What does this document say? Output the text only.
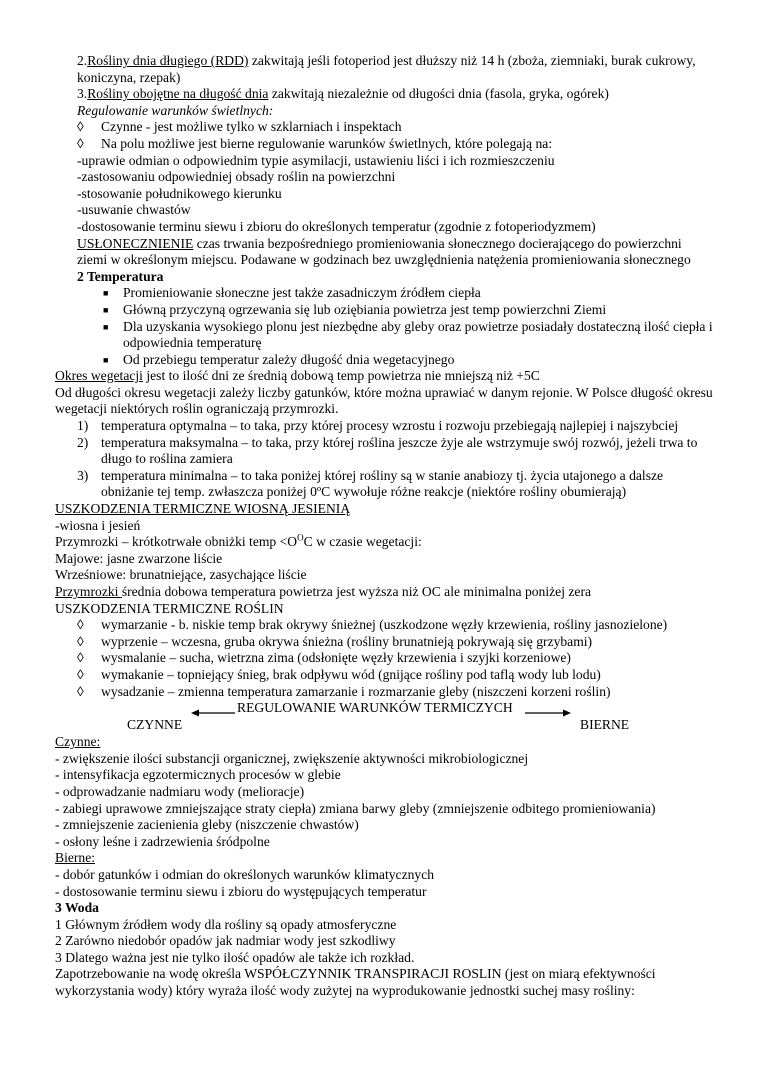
2.Rośliny dnia długiego (RDD) zakwitają jeśli fotoperiod jest dłuższy niż 14 h (zboża, ziemniaki, burak cukrowy, koniczyna, rzepak)

3.Rośliny obojętne na długość dnia zakwitają niezależnie od długości dnia (fasola, gryka, ogórek)

Regulowanie warunków świetlnych:

◊	Czynne - jest możliwe tylko w szklarniach i inspektach
◊	Na polu możliwe jest bierne regulowanie warunków świetlnych, które polegają na:

-uprawie odmian o odpowiednim typie asymilacji, ustawieniu liści i ich rozmieszczeniu

-zastosowaniu odpowiedniej obsady roślin na powierzchni

-stosowanie południkowego kierunku

-usuwanie chwastów

-dostosowanie terminu siewu i zbioru do określonych temperatur (zgodnie z fotoperiodyzmem)

USŁONECZNIENIE czas trwania bezpośredniego promieniowania słonecznego docierającego do powierzchni ziemi w określonym miejscu. Podawane w godzinach bez uwzględnienia natężenia promieniowania słonecznego

2 Temperatura

■	Promieniowanie słoneczne jest także zasadniczym źródłem ciepła
■	Główną przyczyną ogrzewania się lub oziębiania powietrza jest temp powierzchni Ziemi
■	Dla uzyskania wysokiego plonu jest niezbędne aby gleby oraz powietrze posiadały dostateczną ilość ciepła i odpowiednia temperaturę
■	Od przebiegu temperatur zależy długość dnia wegetacyjnego

Okres wegetacji jest to ilość dni ze średnią dobową temp powietrza nie mniejszą niż +5C

Od długości okresu wegetacji zależy liczby gatunków, które można uprawiać w danym rejonie. W Polsce długość okresu wegetacji niektórych roślin ograniczają przymrozki.

1) temperatura optymalna – to taka, przy której procesy wzrostu i rozwoju przebiegają najlepiej i najszybciej
2) temperatura maksymalna – to taka, przy której roślina jeszcze żyje ale wstrzymuje swój rozwój, jeżeli trwa to długo to roślina zamiera
3) temperatura minimalna – to taka poniżej której rośliny są w stanie anabiozy tj. życia utajonego a dalsze obniżanie tej temp. zwłaszcza poniżej 0ºC wywołuje różne reakcje (niektóre rośliny obumierają)

USZKODZENIA TERMICZNE WIOSNĄ JESIENIĄ

-wiosna i jesień

Przymrozki – krótkotrwałe obniżki temp $<O^OC$ w czasie wegetacji:

Majowe: jasne zwarzone liście

Wrześniowe: brunatniejące, zasychające liście

Przymrozki średnia dobowa temperatura powietrza jest wyższa niż OC ale minimalna poniżej zera

USZKODZENIA TERMICZNE ROŚLIN

◊	wymarzanie - b. niskie temp brak okrywy śnieżnej (uszkodzone węzły krzewienia, rośliny jasnozielone)
◊	wyprzenie – wczesna, gruba okrywa śnieżna (rośliny brunatnieją pokrywają się grzybami)
◊	wysmalanie – sucha, wietrzna zima (odsłonięte węzły krzewienia i szyjki korzeniowe)
◊	wymakanie – topniejący śnieg, brak odpływu wód (gnijące rośliny pod taflą wody lub lodu)
◊	wysadzanie – zmienna temperatura zamarzanie i rozmarzanie gleby (niszczeni korzeni roślin)
REGULOWANIE WARUNKÓW TERMICZYCH
CZYNNE	BIERNE

Czynne:

- zwiększenie ilości substancji organicznej, zwiększenie aktywności mikrobiologicznej

- intensyfikacja egzotermicznych procesów w glebie

- odprowadzanie nadmiaru wody (melioracje)

- zabiegi uprawowe zmniejszające straty ciepła) zmiana barwy gleby (zmniejszenie odbitego promieniowania)

- zmniejszenie zacienienia gleby (niszczenie chwastów)

- osłony leśne i zadrzewienia śródpolne

Bierne:

- dobór gatunków i odmian do określonych warunków klimatycznych

- dostosowanie terminu siewu i zbioru do występujących temperatur

3 Woda

1 Głównym źródłem wody dla rośliny są opady atmosferyczne

2 Zarówno niedobór opadów jak nadmiar wody jest szkodliwy

3 Dlatego ważna jest nie tylko ilość opadów ale także ich rozkład.

Zapotrzebowanie na wodę określa WSPÓŁCZYNNIK TRANSPIRACJI ROSLIN (jest on miarą efektywności wykorzystania wody) który wyraża ilość wody zużytej na wyprodukowanie jednostki suchej masy rośliny:
